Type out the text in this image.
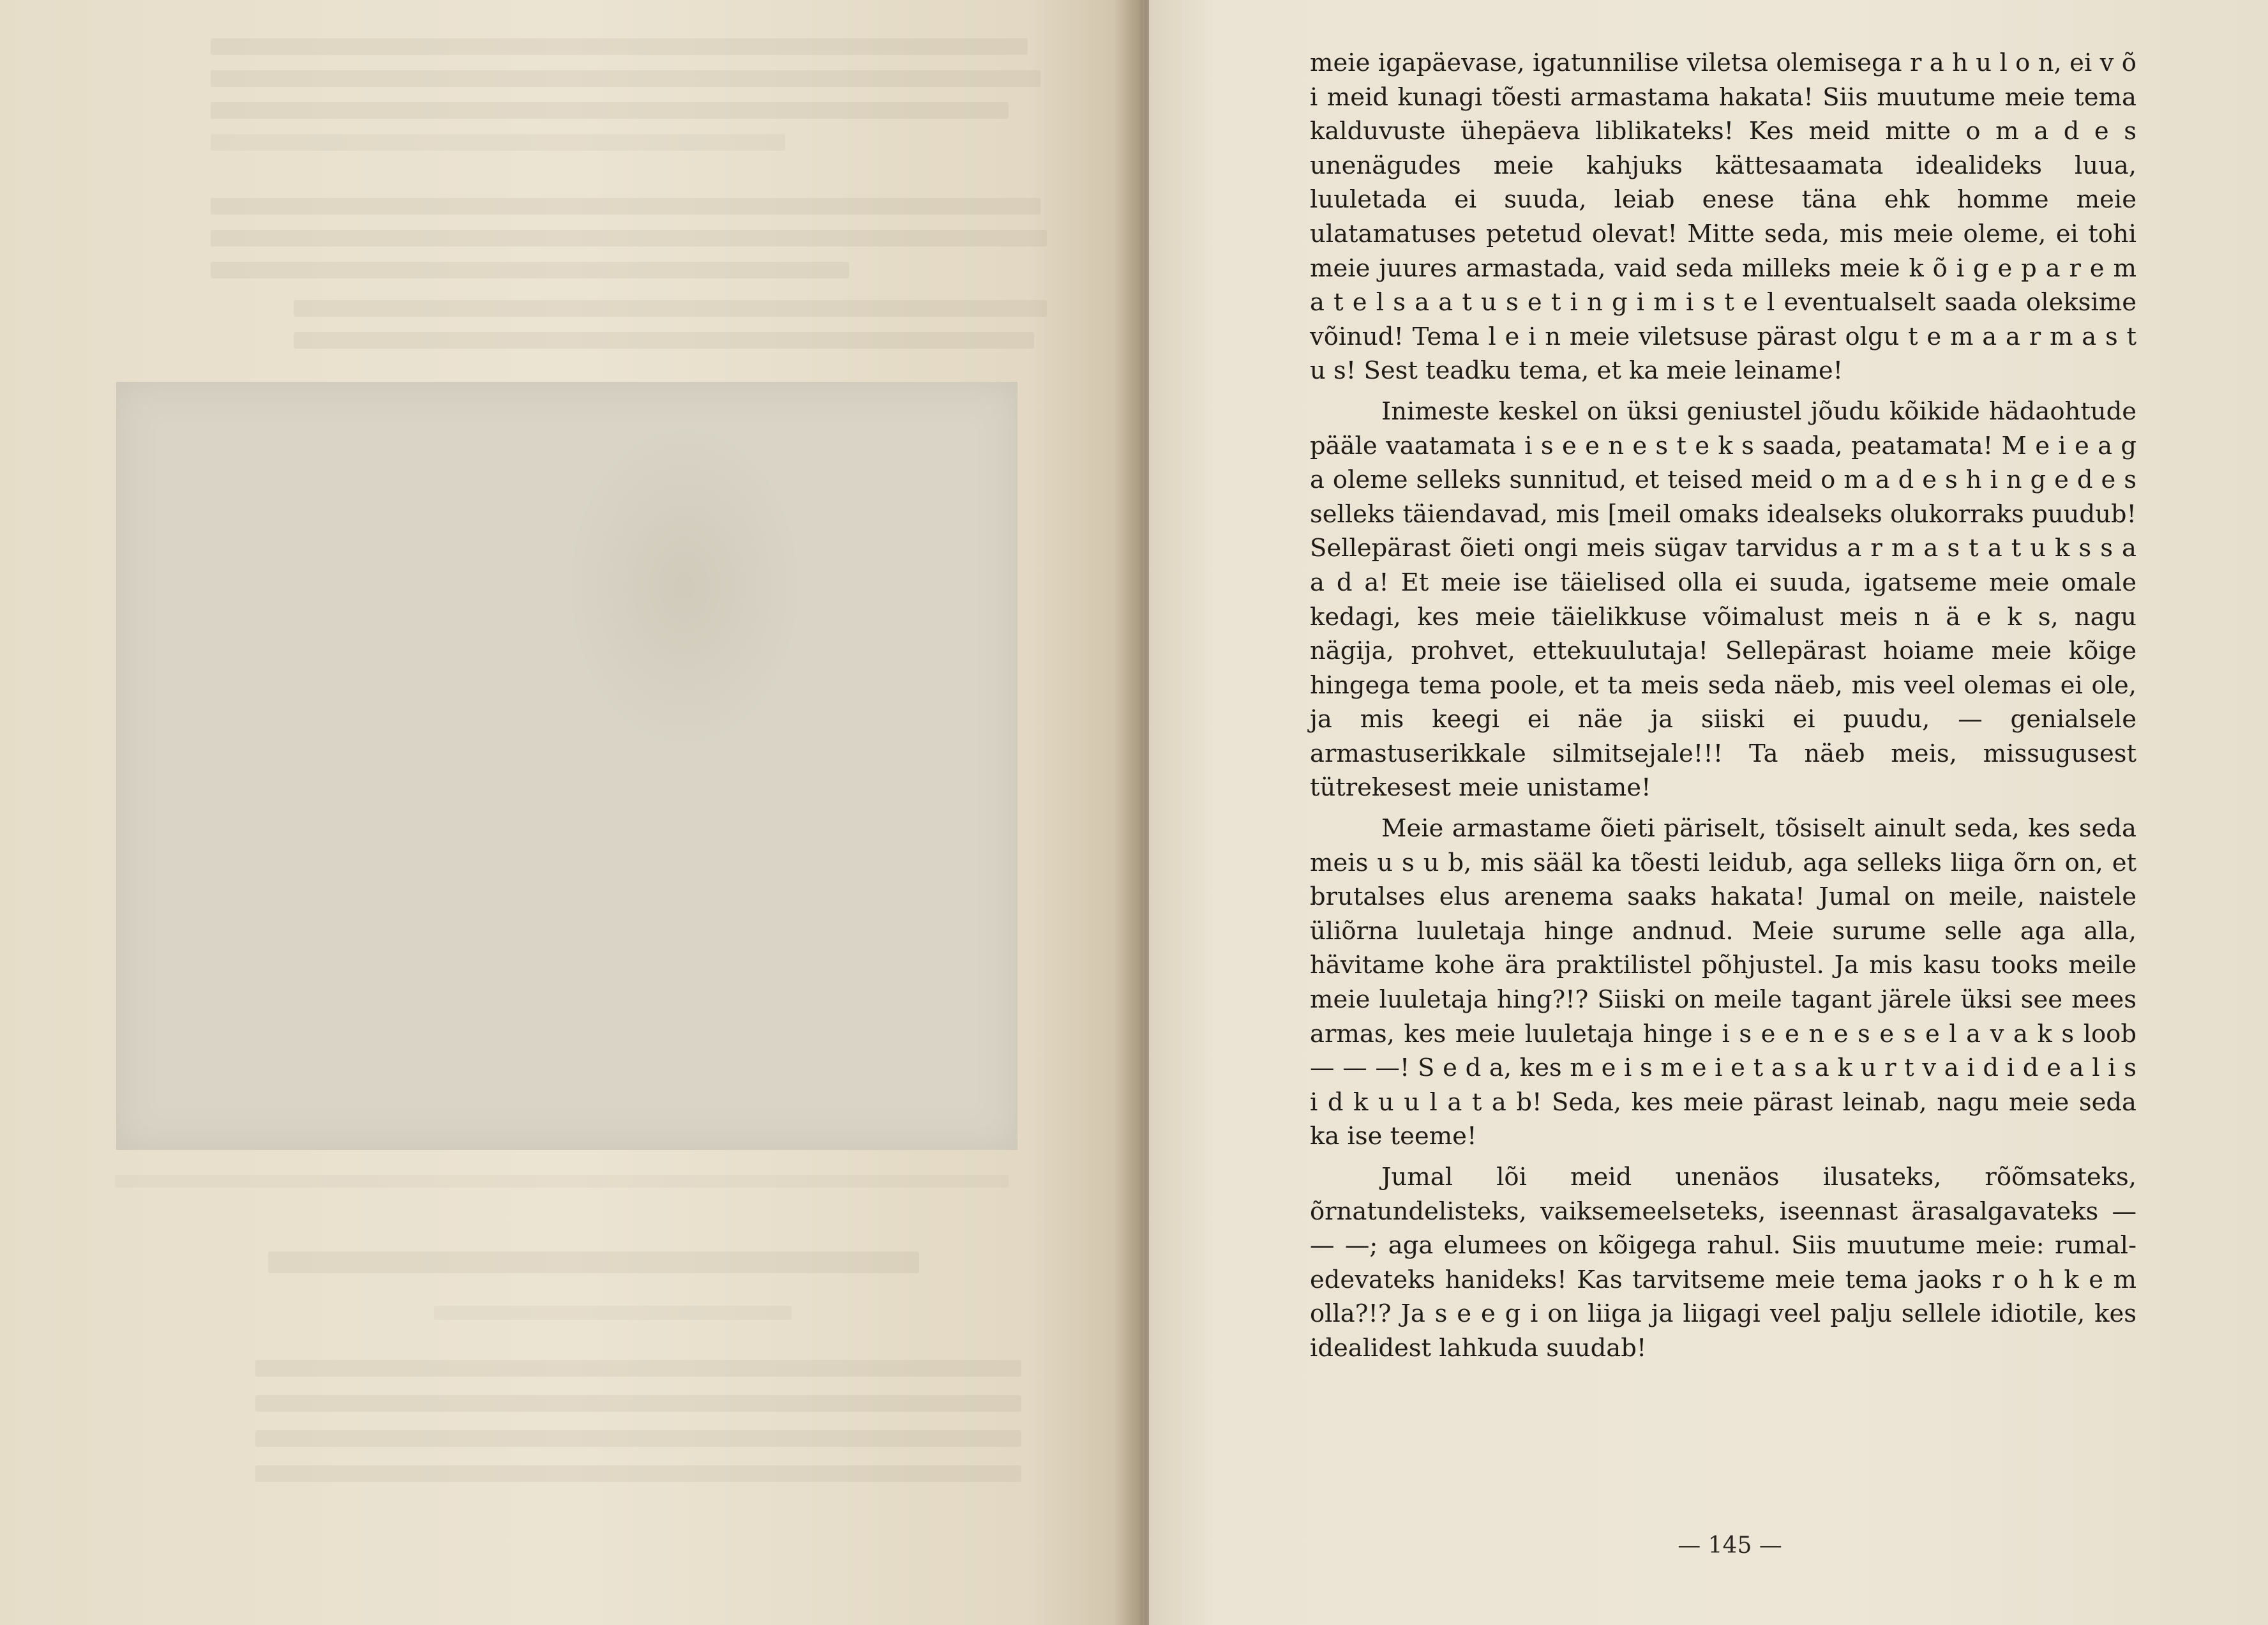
meie igapäevase, igatunnilise viletsa olemisega r a h u l o n, ei v õ i meid kunagi tõesti armastama hakata! Siis muutume meie tema kalduvuste ühepäeva liblikateks! Kes meid mitte o m a d e s unenägudes meie kahjuks kättesaamata idealideks luua, luuletada ei suuda, leiab enese täna ehk homme meie ulatamatuses petetud olevat! Mitte seda, mis meie oleme, ei tohi meie juures armastada, vaid seda milleks meie k õ i g e p a r e m a t e l s a a t u s e t i n g i m i s t e l eventualselt saada oleksime võinud! Tema l e i n meie viletsuse pärast olgu t e m a a r m a s t u s! Sest teadku tema, et ka meie leiname!

Inimeste keskel on üksi geniustel jõudu kõikide hädaohtude pääle vaatamata i s e e n e s t e k s saada, peatamata! M e i e a g a oleme selleks sunnitud, et teised meid o m a d e s h i n g e d e s selleks täiendavad, mis [meil omaks idealseks olukorraks puudub! Sellepärast õieti ongi meis sügav tarvidus a r m a s t a t u k s s a a d a! Et meie ise täielised olla ei suuda, igatseme meie omale kedagi, kes meie täielikkuse võimalust meis n ä e k s, nagu nägija, prohvet, ettekuulutaja! Sellepärast hoiame meie kõige hingega tema poole, et ta meis seda näeb, mis veel olemas ei ole, ja mis keegi ei näe ja siiski ei puudu, — genialsele armastuserikkale silmitsejale!!! Ta näeb meis, missugusest tütrekesest meie unistame!

Meie armastame õieti päriselt, tõsiselt ainult seda, kes seda meis u s u b, mis sääl ka tõesti leidub, aga selleks liiga õrn on, et brutalses elus arenema saaks hakata! Jumal on meile, naistele üliõrna luuletaja hinge andnud. Meie surume selle aga alla, hävitame kohe ära praktilistel põhjustel. Ja mis kasu tooks meile meie luuletaja hing?!? Siiski on meile tagant järele üksi see mees armas, kes meie luuletaja hinge i s e e n e s e s e l a v a k s loob — — —! S e d a, kes m e i s m e i e t a s a k u r t v a i d i d e a l i s i d k u u l a t a b! Seda, kes meie pärast leinab, nagu meie seda ka ise teeme!

Jumal lõi meid unenäos ilusateks, rõõmsateks, õrnatundelisteks, vaiksemeelseteks, iseennast ärasalgavateks — — —; aga elumees on kõigega rahul. Siis muutume meie: rumal-edevateks hanideks! Kas tarvitseme meie tema jaoks r o h k e m olla?!? Ja s e e g i on liiga ja liigagi veel palju sellele idiotile, kes idealidest lahkuda suudab!

— 145 —
